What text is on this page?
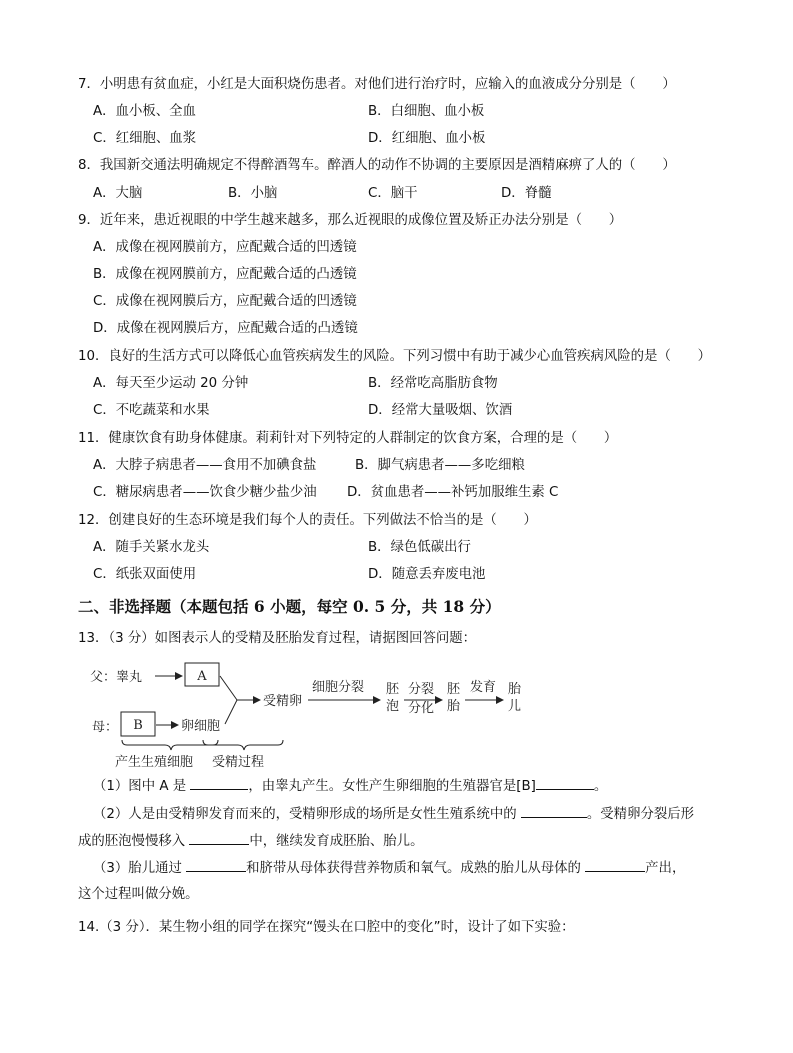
7．小明患有贫血症，小红是大面积烧伤患者。对他们进行治疗时，应输入的血液成分分别是（　　）
A．血小板、全血	B．白细胞、血小板
C．红细胞、血浆	D．红细胞、血小板
8．我国新交通法明确规定不得醉酒驾车。醉酒人的动作不协调的主要原因是酒精麻痹了人的（　　）
A．大脑	B．小脑	C．脑干	D．脊髓
9．近年来，患近视眼的中学生越来越多，那么近视眼的成像位置及矫正办法分别是（　　）
A．成像在视网膜前方，应配戴合适的凹透镜
B．成像在视网膜前方，应配戴合适的凸透镜
C．成像在视网膜后方，应配戴合适的凹透镜
D．成像在视网膜后方，应配戴合适的凸透镜
10．良好的生活方式可以降低心血管疾病发生的风险。下列习惯中有助于减少心血管疾病风险的是（　　）
A．每天至少运动 20 分钟	B．经常吃高脂肪食物
C．不吃蔬菜和水果	D．经常大量吸烟、饮酒
11．健康饮食有助身体健康。莉莉针对下列特定的人群制定的饮食方案，合理的是（　　）
A．大脖子病患者——食用不加碘食盐	B．脚气病患者——多吃细粮
C．糖尿病患者——饮食少糖少盐少油 D．贫血患者——补钙加服维生素 C
12．创建良好的生态环境是我们每个人的责任。下列做法不恰当的是（　　）
A．随手关紧水龙头	B．绿色低碳出行
C．纸张双面使用	D．随意丢弃废电池
二、非选择题（本题包括 6 小题，每空 0. 5 分，共 18 分）
13．（3 分）如图表示人的受精及胚胎发育过程，请据图回答问题：
父：睾丸	A
母： B	卵细胞
受精卵
细胞分裂 胚
泡
分裂
分化
胚
胎
发育 胎
儿
产生生殖细胞 受精过程
（1）图中 A 是	，由睾丸产生。女性产生卵细胞的生殖器官是[B]	。
（2）人是由受精卵发育而来的，受精卵形成的场所是女性生殖系统中的	。受精卵分裂后形
成的胚泡慢慢移入	中，继续发育成胚胎、胎儿。
（3）胎儿通过	和脐带从母体获得营养物质和氧气。成熟的胎儿从母体的	产出，
这个过程叫做分娩。
14.（3 分）．某生物小组的同学在探究“馒头在口腔中的变化”时，设计了如下实验：
